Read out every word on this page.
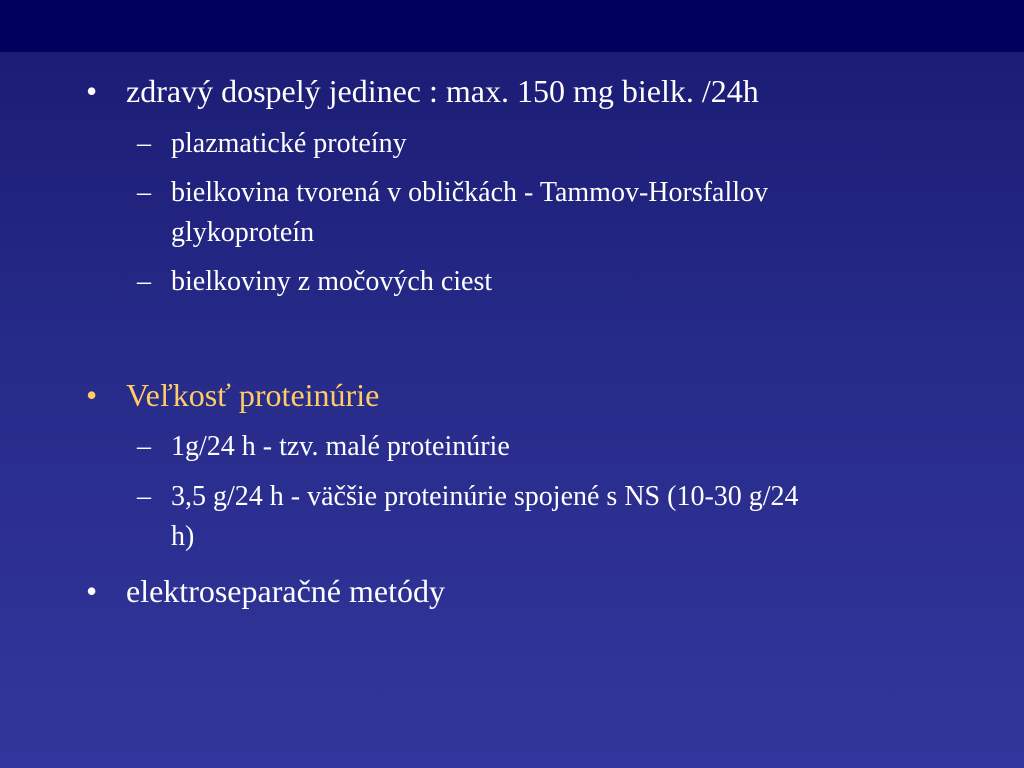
• zdravý dospelý jedinec : max. 150 mg bielk. /24h
– plazmatické proteíny
– bielkovina tvorená v obličkách - Tammov-Horsfallov
glykoproteín
– bielkoviny z močových ciest
• Veľkosť proteinúrie
– 1g/24 h - tzv. malé proteinúrie
– 3,5 g/24 h - väčšie proteinúrie spojené s NS (10-30 g/24
h)
• elektroseparačné metódy
